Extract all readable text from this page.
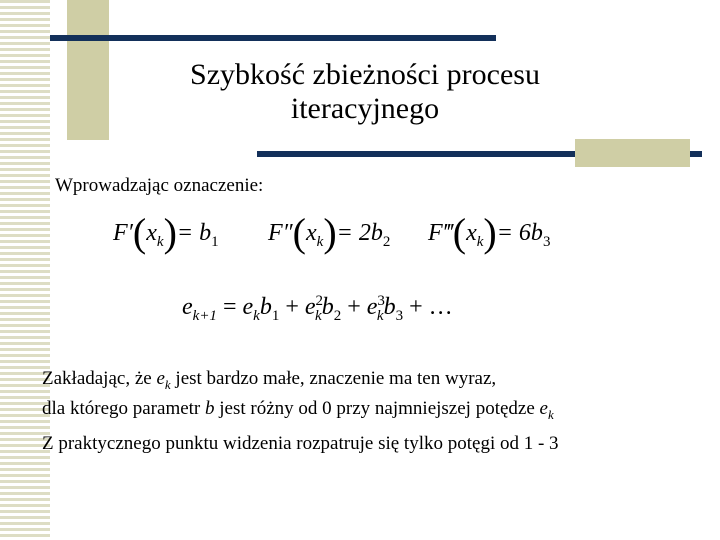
Szybkość zbieżności procesu
iteracyjnego
Wprowadzając oznaczenie:
$F'(x_k)= b_1$ $F''(x_k)= 2b_2$ $F‴(x_k)= 6b_3$
$e_{k+1} = e_kb_1 + e^2_kb_2 + e^3_kb_3$ + …
Zakładając, że $e_k$ jest bardzo małe, znaczenie ma ten wyraz,
dla którego parametr b jest różny od 0 przy najmniejszej potędze $e_k$
Z praktycznego punktu widzenia rozpatruje się tylko potęgi od 1 - 3
